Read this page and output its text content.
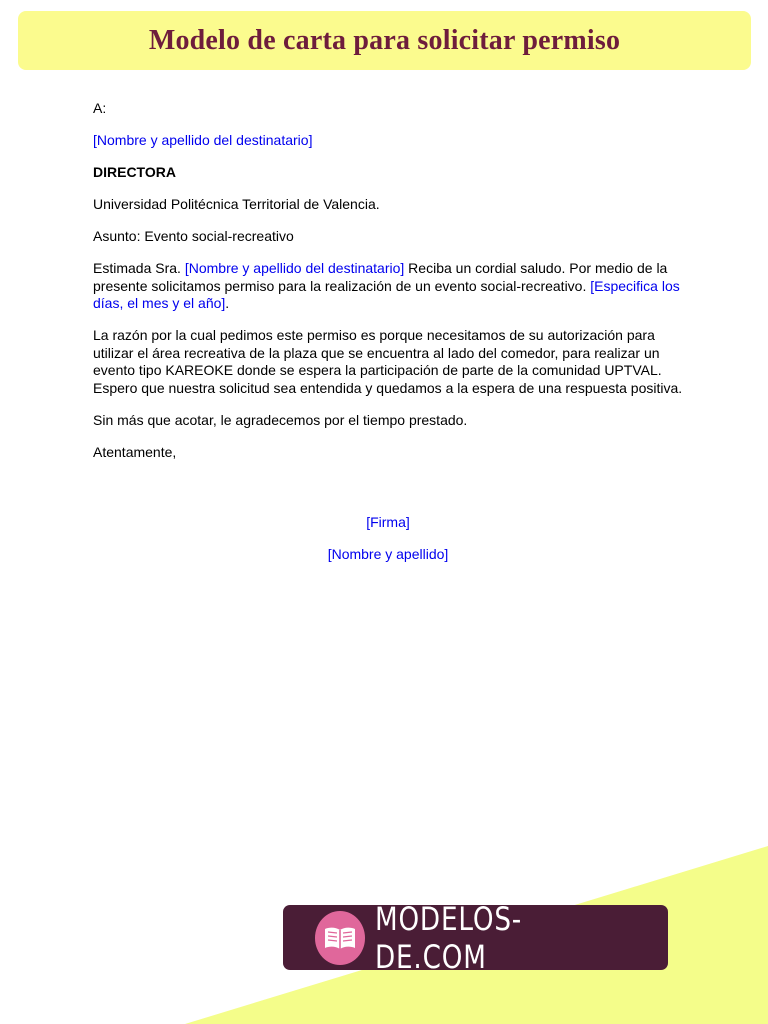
Modelo de carta para solicitar permiso

A:

[Nombre y apellido del destinatario]

DIRECTORA

Universidad Politécnica Territorial de Valencia.

Asunto: Evento social-recreativo

Estimada Sra. [Nombre y apellido del destinatario] Reciba un cordial saludo. Por medio de la presente solicitamos permiso para la realización de un evento social-recreativo. [Especifica los días, el mes y el año].

La razón por la cual pedimos este permiso es porque necesitamos de su autorización para utilizar el área recreativa de la plaza que se encuentra al lado del comedor, para realizar un evento tipo KAREOKE donde se espera la participación de parte de la comunidad UPTVAL. Espero que nuestra solicitud sea entendida y quedamos a la espera de una respuesta positiva.

Sin más que acotar, le agradecemos por el tiempo prestado.

Atentamente,

[Firma]

[Nombre y apellido]

MODELOS-DE.COM
